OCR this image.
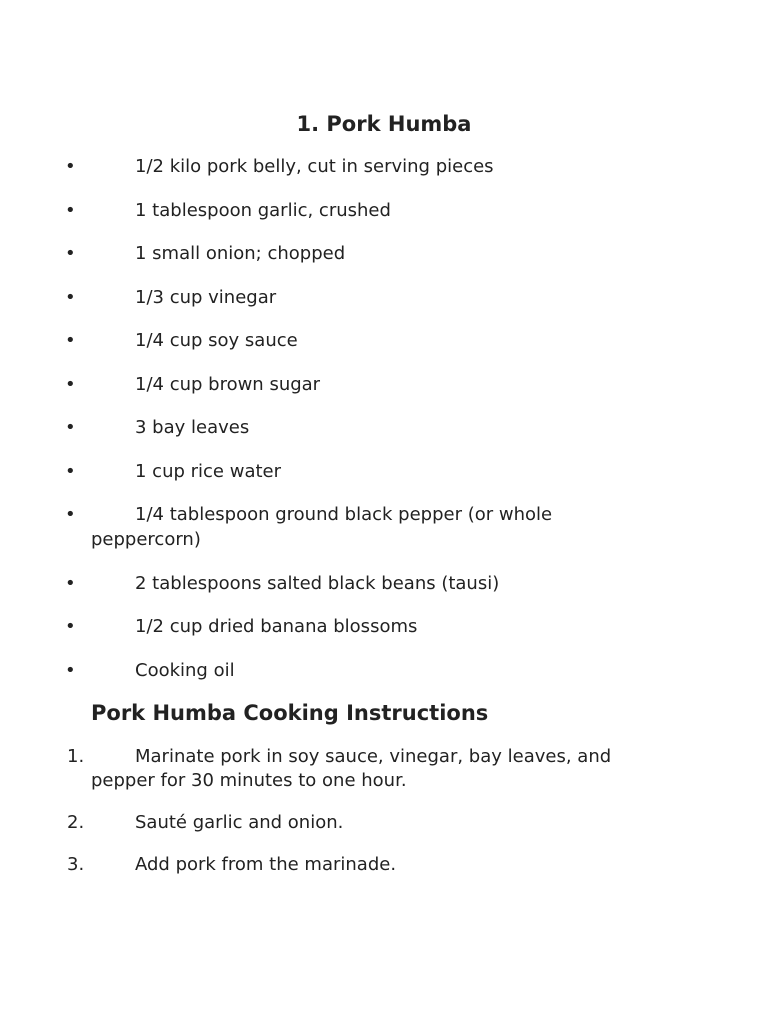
1. Pork Humba
•	1/2 kilo pork belly, cut in serving pieces
•	1 tablespoon garlic, crushed
•	1 small onion; chopped
•	1/3 cup vinegar
•	1/4 cup soy sauce
•	1/4 cup brown sugar
•	3 bay leaves
•	1 cup rice water
•	1/4 tablespoon ground black pepper (or whole peppercorn)
•	2 tablespoons salted black beans (tausi)
•	1/2 cup dried banana blossoms
•	Cooking oil
Pork Humba Cooking Instructions
1.	Marinate pork in soy sauce, vinegar, bay leaves, and pepper for 30 minutes to one hour.
2.	Sauté garlic and onion.
3.	Add pork from the marinade.
